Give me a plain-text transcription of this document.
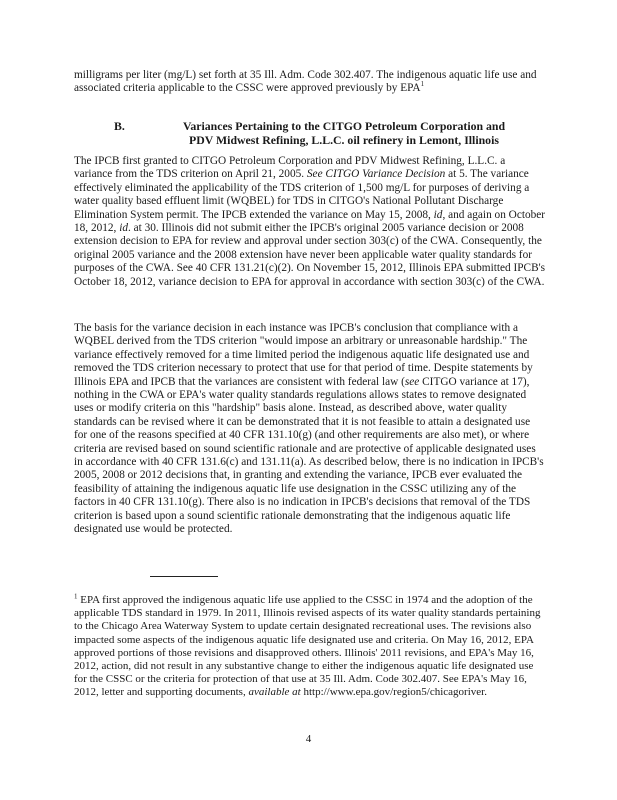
milligrams per liter (mg/L) set forth at 35 Ill. Adm. Code 302.407. The indigenous aquatic life use and associated criteria applicable to the CSSC were approved previously by EPA$^1$

B.	Variances Pertaining to the CITGO Petroleum Corporation and PDV Midwest Refining, L.L.C. oil refinery in Lemont, Illinois

The IPCB first granted to CITGO Petroleum Corporation and PDV Midwest Refining, L.L.C. a variance from the TDS criterion on April 21, 2005. See CITGO Variance Decision at 5. The variance effectively eliminated the applicability of the TDS criterion of 1,500 mg/L for purposes of deriving a water quality based effluent limit (WQBEL) for TDS in CITGO's National Pollutant Discharge Elimination System permit. The IPCB extended the variance on May 15, 2008, id, and again on October 18, 2012, id. at 30. Illinois did not submit either the IPCB's original 2005 variance decision or 2008 extension decision to EPA for review and approval under section 303(c) of the CWA. Consequently, the original 2005 variance and the 2008 extension have never been applicable water quality standards for purposes of the CWA. See 40 CFR 131.21(c)(2). On November 15, 2012, Illinois EPA submitted IPCB's October 18, 2012, variance decision to EPA for approval in accordance with section 303(c) of the CWA.

The basis for the variance decision in each instance was IPCB's conclusion that compliance with a WQBEL derived from the TDS criterion "would impose an arbitrary or unreasonable hardship." The variance effectively removed for a time limited period the indigenous aquatic life designated use and removed the TDS criterion necessary to protect that use for that period of time. Despite statements by Illinois EPA and IPCB that the variances are consistent with federal law (see CITGO variance at 17), nothing in the CWA or EPA's water quality standards regulations allows states to remove designated uses or modify criteria on this "hardship" basis alone. Instead, as described above, water quality standards can be revised where it can be demonstrated that it is not feasible to attain a designated use for one of the reasons specified at 40 CFR 131.10(g) (and other requirements are also met), or where criteria are revised based on sound scientific rationale and are protective of applicable designated uses in accordance with 40 CFR 131.6(c) and 131.11(a). As described below, there is no indication in IPCB's 2005, 2008 or 2012 decisions that, in granting and extending the variance, IPCB ever evaluated the feasibility of attaining the indigenous aquatic life use designation in the CSSC utilizing any of the factors in 40 CFR 131.10(g). There also is no indication in IPCB's decisions that removal of the TDS criterion is based upon a sound scientific rationale demonstrating that the indigenous aquatic life designated use would be protected.

$^1$ EPA first approved the indigenous aquatic life use applied to the CSSC in 1974 and the adoption of the applicable TDS standard in 1979. In 2011, Illinois revised aspects of its water quality standards pertaining to the Chicago Area Waterway System to update certain designated recreational uses. The revisions also impacted some aspects of the indigenous aquatic life designated use and criteria. On May 16, 2012, EPA approved portions of those revisions and disapproved others. Illinois' 2011 revisions, and EPA's May 16, 2012, action, did not result in any substantive change to either the indigenous aquatic life designated use for the CSSC or the criteria for protection of that use at 35 Ill. Adm. Code 302.407. See EPA's May 16, 2012, letter and supporting documents, available at http://www.epa.gov/region5/chicagoriver.

4
